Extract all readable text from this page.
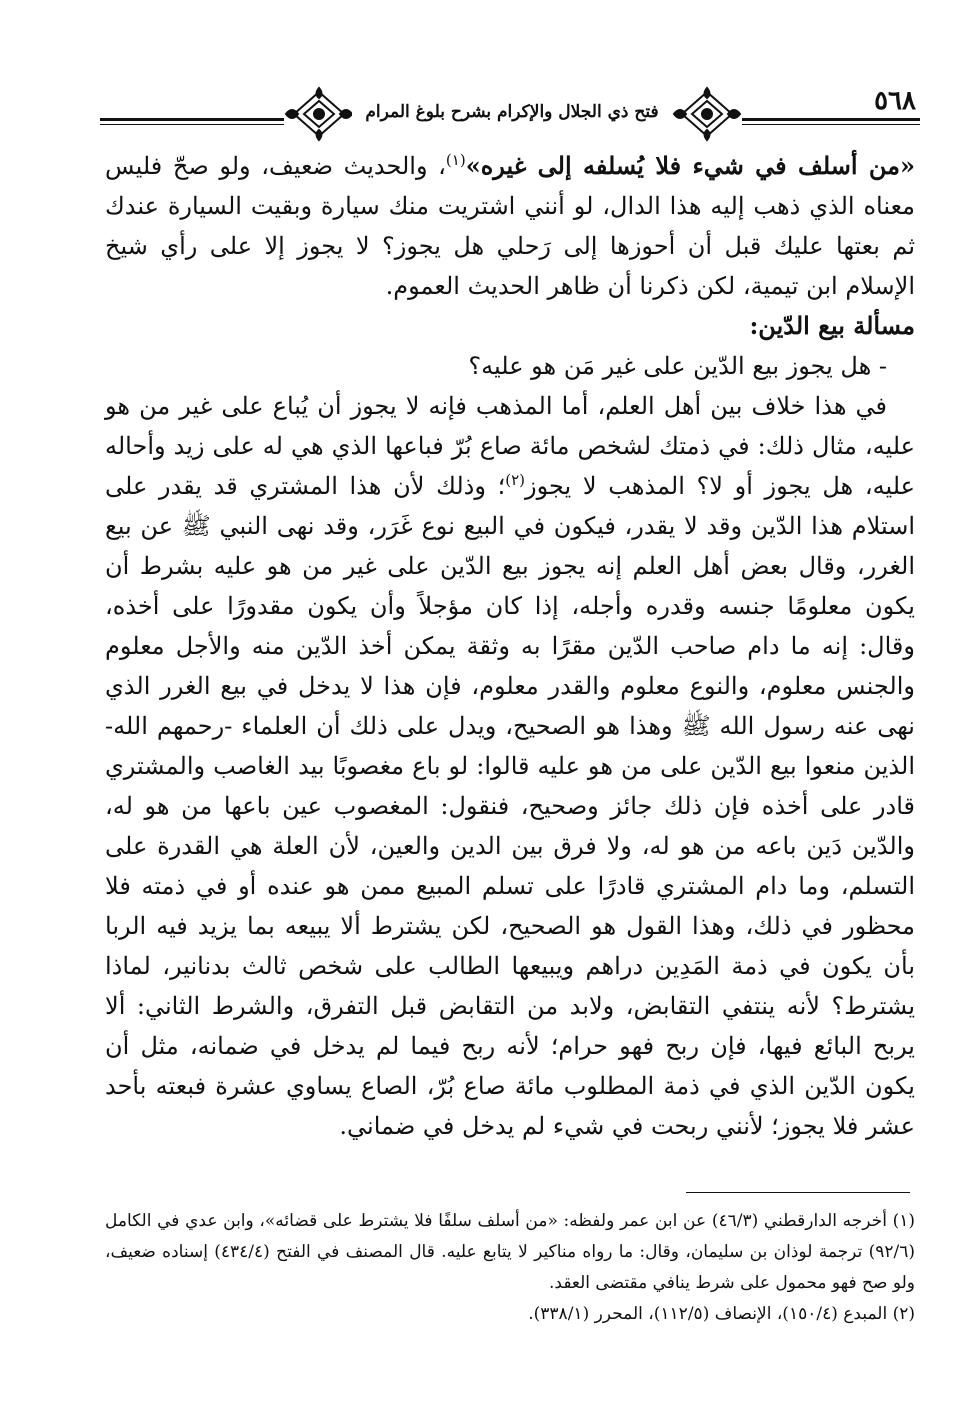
فتح ذي الجلال والإكرام بشرح بلوغ المرام	٥٦٨

«من أسلف في شيء فلا يُسلفه إلى غيره»$^{(١)}$، والحديث ضعيف، ولو صحّ فليس معناه الذي ذهب إليه هذا الدال، لو أنني اشتريت منك سيارة وبقيت السيارة عندك ثم بعتها عليك قبل أن أحوزها إلى رَحلي هل يجوز؟ لا يجوز إلا على رأي شيخ الإسلام ابن تيمية، لكن ذكرنا أن ظاهر الحديث العموم.

مسألة بيع الدّين:

- هل يجوز بيع الدّين على غير مَن هو عليه؟

في هذا خلاف بين أهل العلم، أما المذهب فإنه لا يجوز أن يُباع على غير من هو عليه، مثال ذلك: في ذمتك لشخص مائة صاع بُرّ فباعها الذي هي له على زيد وأحاله عليه، هل يجوز أو لا؟ المذهب لا يجوز$^{(٢)}$؛ وذلك لأن هذا المشتري قد يقدر على استلام هذا الدّين وقد لا يقدر، فيكون في البيع نوع غَرَر، وقد نهى النبي ﷺ عن بيع الغرر، وقال بعض أهل العلم إنه يجوز بيع الدّين على غير من هو عليه بشرط أن يكون معلومًا جنسه وقدره وأجله، إذا كان مؤجلاً وأن يكون مقدورًا على أخذه، وقال: إنه ما دام صاحب الدّين مقرًا به وثقة يمكن أخذ الدّين منه والأجل معلوم والجنس معلوم، والنوع معلوم والقدر معلوم، فإن هذا لا يدخل في بيع الغرر الذي نهى عنه رسول الله ﷺ وهذا هو الصحيح، ويدل على ذلك أن العلماء -رحمهم الله- الذين منعوا بيع الدّين على من هو عليه قالوا: لو باع مغصوبًا بيد الغاصب والمشتري قادر على أخذه فإن ذلك جائز وصحيح، فنقول: المغصوب عين باعها من هو له، والدّين دَين باعه من هو له، ولا فرق بين الدين والعين، لأن العلة هي القدرة على التسلم، وما دام المشتري قادرًا على تسلم المبيع ممن هو عنده أو في ذمته فلا محظور في ذلك، وهذا القول هو الصحيح، لكن يشترط ألا يبيعه بما يزيد فيه الربا بأن يكون في ذمة المَدِين دراهم ويبيعها الطالب على شخص ثالث بدنانير، لماذا يشترط؟ لأنه ينتفي التقابض، ولابد من التقابض قبل التفرق، والشرط الثاني: ألا يربح البائع فيها، فإن ربح فهو حرام؛ لأنه ربح فيما لم يدخل في ضمانه، مثل أن يكون الدّين الذي في ذمة المطلوب مائة صاع بُرّ، الصاع يساوي عشرة فبعته بأحد عشر فلا يجوز؛ لأنني ربحت في شيء لم يدخل في ضماني.

(١) أخرجه الدارقطني (٤٦/٣) عن ابن عمر ولفظه: «من أسلف سلفًا فلا يشترط على قضائه»، وابن عدي في الكامل (٩٢/٦) ترجمة لوذان بن سليمان، وقال: ما رواه مناكير لا يتابع عليه. قال المصنف في الفتح (٤٣٤/٤) إسناده ضعيف، ولو صح فهو محمول على شرط ينافي مقتضى العقد.

(٢) المبدع (١٥٠/٤)، الإنصاف (١١٢/٥)، المحرر (٣٣٨/١).
